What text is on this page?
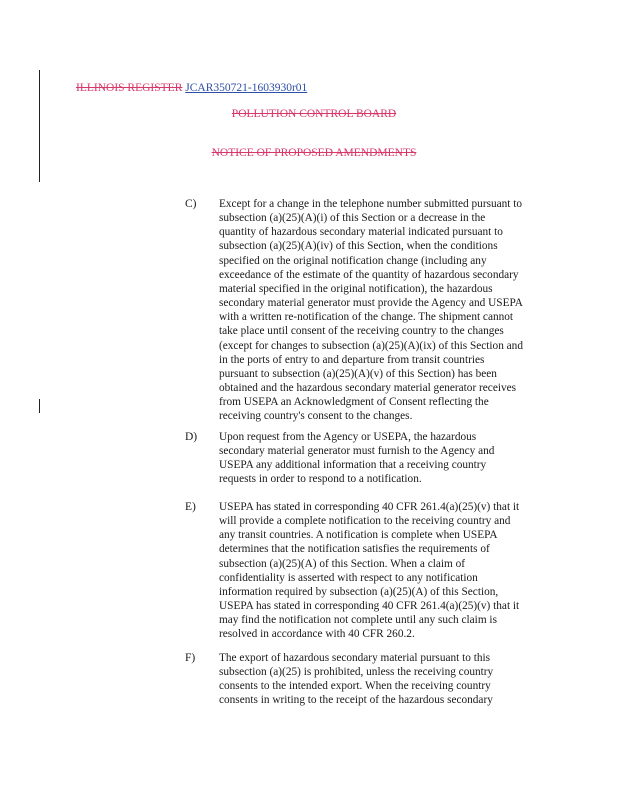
ILLINOIS REGISTER JCAR350721-1603930r01
POLLUTION CONTROL BOARD
NOTICE OF PROPOSED AMENDMENTS
C) Except for a change in the telephone number submitted pursuant to
subsection (a)(25)(A)(i) of this Section or a decrease in the
quantity of hazardous secondary material indicated pursuant to
subsection (a)(25)(A)(iv) of this Section, when the conditions
specified on the original notification change (including any
exceedance of the estimate of the quantity of hazardous secondary
material specified in the original notification), the hazardous
secondary material generator must provide the Agency and USEPA
with a written re-notification of the change. The shipment cannot
take place until consent of the receiving country to the changes
(except for changes to subsection (a)(25)(A)(ix) of this Section and
in the ports of entry to and departure from transit countries
pursuant to subsection (a)(25)(A)(v) of this Section) has been
obtained and the hazardous secondary material generator receives
from USEPA an Acknowledgment of Consent reflecting the
receiving country's consent to the changes.
D) Upon request from the Agency or USEPA, the hazardous
secondary material generator must furnish to the Agency and
USEPA any additional information that a receiving country
requests in order to respond to a notification.
E) USEPA has stated in corresponding 40 CFR 261.4(a)(25)(v) that it
will provide a complete notification to the receiving country and
any transit countries. A notification is complete when USEPA
determines that the notification satisfies the requirements of
subsection (a)(25)(A) of this Section. When a claim of
confidentiality is asserted with respect to any notification
information required by subsection (a)(25)(A) of this Section,
USEPA has stated in corresponding 40 CFR 261.4(a)(25)(v) that it
may find the notification not complete until any such claim is
resolved in accordance with 40 CFR 260.2.
F) The export of hazardous secondary material pursuant to this
subsection (a)(25) is prohibited, unless the receiving country
consents to the intended export. When the receiving country
consents in writing to the receipt of the hazardous secondary
